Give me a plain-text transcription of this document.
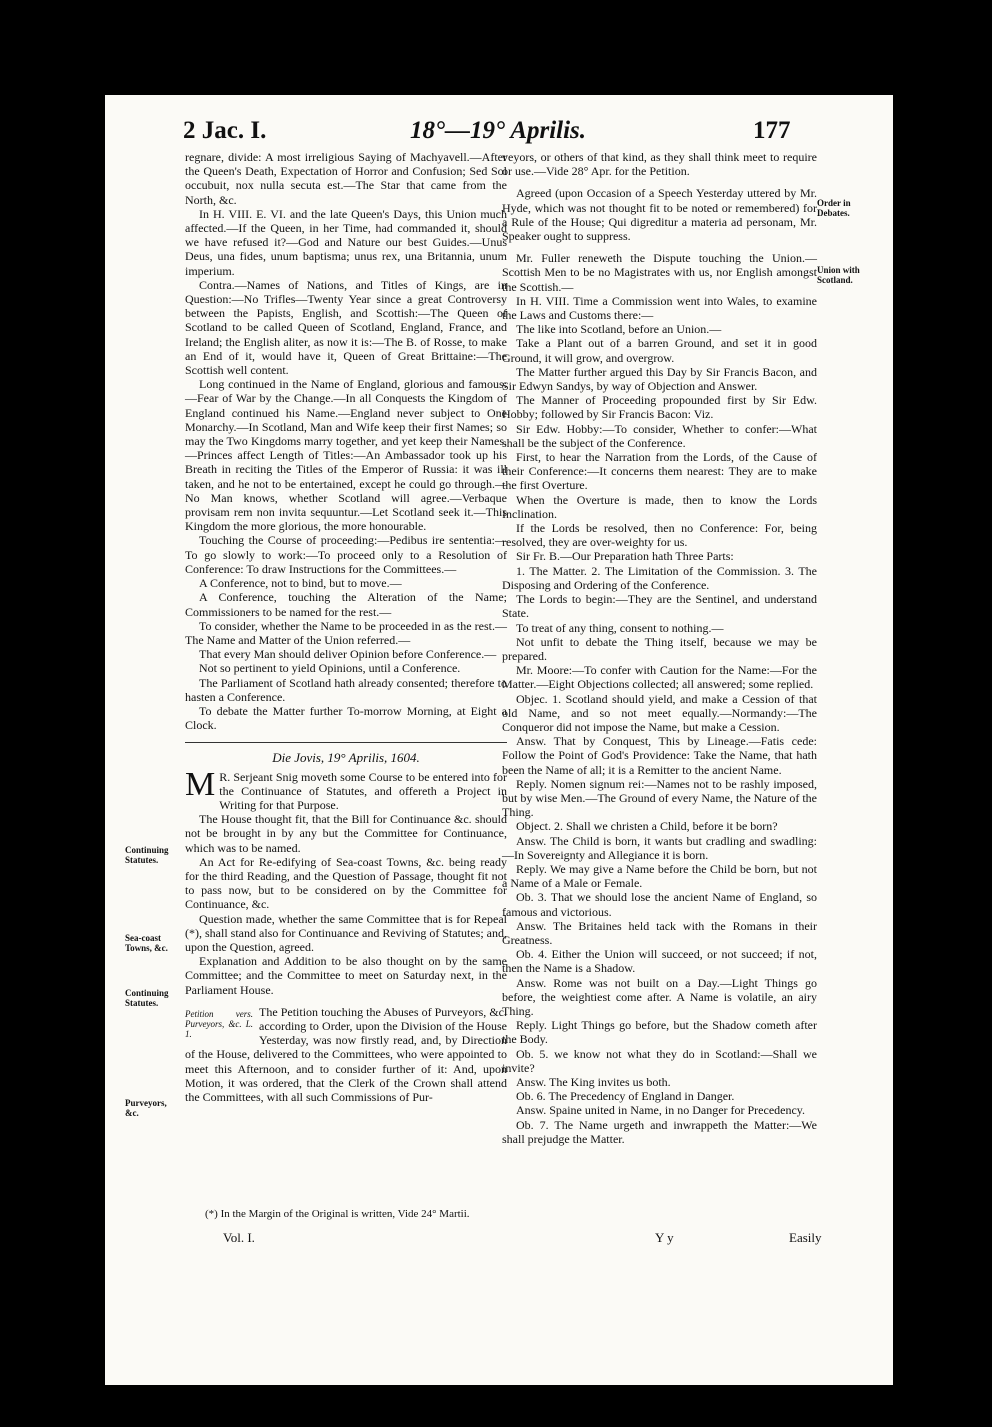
2 Jac. I.	18°—19° Aprilis.	177

regnare, divide: A most irreligious Saying of Machyavell.—After the Queen's Death, Expectation of Horror and Confusion; Sed Sol occubuit, nox nulla secuta est.—The Star that came from the North, &c.

In H. VIII. E. VI. and the late Queen's Days, this Union much affected.—If the Queen, in her Time, had commanded it, should we have refused it?—God and Nature our best Guides.—Unus Deus, una fides, unum baptisma; unus rex, una Britannia, unum imperium.

Contra.—Names of Nations, and Titles of Kings, are in Question:—No Trifles—Twenty Year since a great Controversy between the Papists, English, and Scottish:—The Queen of Scotland to be called Queen of Scotland, England, France, and Ireland; the English aliter, as now it is:—The B. of Rosse, to make an End of it, would have it, Queen of Great Brittaine:—The Scottish well content.

Long continued in the Name of England, glorious and famous:—Fear of War by the Change.—In all Conquests the Kingdom of England continued his Name.—England never subject to One Monarchy.—In Scotland, Man and Wife keep their first Names; so may the Two Kingdoms marry together, and yet keep their Names.—Princes affect Length of Titles:—An Ambassador took up his Breath in reciting the Titles of the Emperor of Russia: it was ill taken, and he not to be entertained, except he could go through.—No Man knows, whether Scotland will agree.—Verbaque provisam rem non invita sequuntur.—Let Scotland seek it.—This Kingdom the more glorious, the more honourable.

Touching the Course of proceeding:—Pedibus ire sententia:—To go slowly to work:—To proceed only to a Resolution of Conference: To draw Instructions for the Committees.—

A Conference, not to bind, but to move.—

A Conference, touching the Alteration of the Name; Commissioners to be named for the rest.—

To consider, whether the Name to be proceeded in as the rest.—The Name and Matter of the Union referred.—

That every Man should deliver Opinion before Conference.—

Not so pertinent to yield Opinions, until a Conference.

The Parliament of Scotland hath already consented; therefore to hasten a Conference.

To debate the Matter further To-morrow Morning, at Eight a Clock.

Die Jovis, 19° Aprilis, 1604.

M R. Serjeant Snig moveth some Course to be entered into for the Continuance of Statutes, and offereth a Project in Writing for that Purpose.

The House thought fit, that the Bill for Continuance &c. should not be brought in by any but the Committee for Continuance, which was to be named.

An Act for Re-edifying of Sea-coast Towns, &c. being ready for the third Reading, and the Question of Passage, thought fit not to pass now, but to be considered on by the Committee for Continuance, &c.

Question made, whether the same Committee that is for Repeal (*), shall stand also for Continuance and Reviving of Statutes; and, upon the Question, agreed.

Explanation and Addition to be also thought on by the same Committee; and the Committee to meet on Saturday next, in the Parliament House.

Petition vers. Purveyors, &c. L. 1.
The Petition touching the Abuses of Purveyors, &c. according to Order, upon the Division of the House Yesterday, was now firstly read, and, by Direction of the House, delivered to the Committees, who were appointed to meet this Afternoon, and to consider further of it: And, upon Motion, it was ordered, that the Clerk of the Crown shall attend the Committees, with all such Commissions of Pur-

veyors, or others of that kind, as they shall think meet to require or use.—Vide 28° Apr. for the Petition.

Agreed (upon Occasion of a Speech Yesterday uttered by Mr. Hyde, which was not thought fit to be noted or remembered) for a Rule of the House; Qui digreditur a materia ad personam, Mr. Speaker ought to suppress.

Mr. Fuller reneweth the Dispute touching the Union.—Scottish Men to be no Magistrates with us, nor English amongst the Scottish.—

In H. VIII. Time a Commission went into Wales, to examine the Laws and Customs there:—

The like into Scotland, before an Union.—

Take a Plant out of a barren Ground, and set it in good Ground, it will grow, and overgrow.

The Matter further argued this Day by Sir Francis Bacon, and Sir Edwyn Sandys, by way of Objection and Answer.

The Manner of Proceeding propounded first by Sir Edw. Hobby; followed by Sir Francis Bacon: Viz.

Sir Edw. Hobby:—To consider, Whether to confer:—What shall be the subject of the Conference.

First, to hear the Narration from the Lords, of the Cause of their Conference:—It concerns them nearest: They are to make the first Overture.

When the Overture is made, then to know the Lords Inclination.

If the Lords be resolved, then no Conference: For, being resolved, they are over-weighty for us.

Sir Fr. B.—Our Preparation hath Three Parts:

1. The Matter. 2. The Limitation of the Commission. 3. The Disposing and Ordering of the Conference.

The Lords to begin:—They are the Sentinel, and understand State.

To treat of any thing, consent to nothing.—

Not unfit to debate the Thing itself, because we may be prepared.

Mr. Moore:—To confer with Caution for the Name:—For the Matter.—Eight Objections collected; all answered; some replied.

Objec. 1. Scotland should yield, and make a Cession of that old Name, and so not meet equally.—Normandy:—The Conqueror did not impose the Name, but make a Cession.

Answ. That by Conquest, This by Lineage.—Fatis cede: Follow the Point of God's Providence: Take the Name, that hath been the Name of all; it is a Remitter to the ancient Name.

Reply. Nomen signum rei:—Names not to be rashly imposed, but by wise Men.—The Ground of every Name, the Nature of the Thing.

Object. 2. Shall we christen a Child, before it be born?

Answ. The Child is born, it wants but cradling and swadling:—In Sovereignty and Allegiance it is born.

Reply. We may give a Name before the Child be born, but not a Name of a Male or Female.

Ob. 3. That we should lose the ancient Name of England, so famous and victorious.

Answ. The Britaines held tack with the Romans in their Greatness.

Ob. 4. Either the Union will succeed, or not succeed; if not, then the Name is a Shadow.

Answ. Rome was not built on a Day.—Light Things go before, the weightiest come after. A Name is volatile, an airy Thing.

Reply. Light Things go before, but the Shadow cometh after the Body.

Ob. 5. we know not what they do in Scotland:—Shall we invite?

Answ. The King invites us both.

Ob. 6. The Precedency of England in Danger.

Answ. Spaine united in Name, in no Danger for Precedency.

Ob. 7. The Name urgeth and inwrappeth the Matter:—We shall prejudge the Matter.

Order in Debates.
Union with Scotland.
Continuing Statutes.
Sea-coast Towns, &c.
Continuing Statutes.
Purveyors, &c.
(*) In the Margin of the Original is written, Vide 24° Martii.
Vol. I.	Y y	Easily
